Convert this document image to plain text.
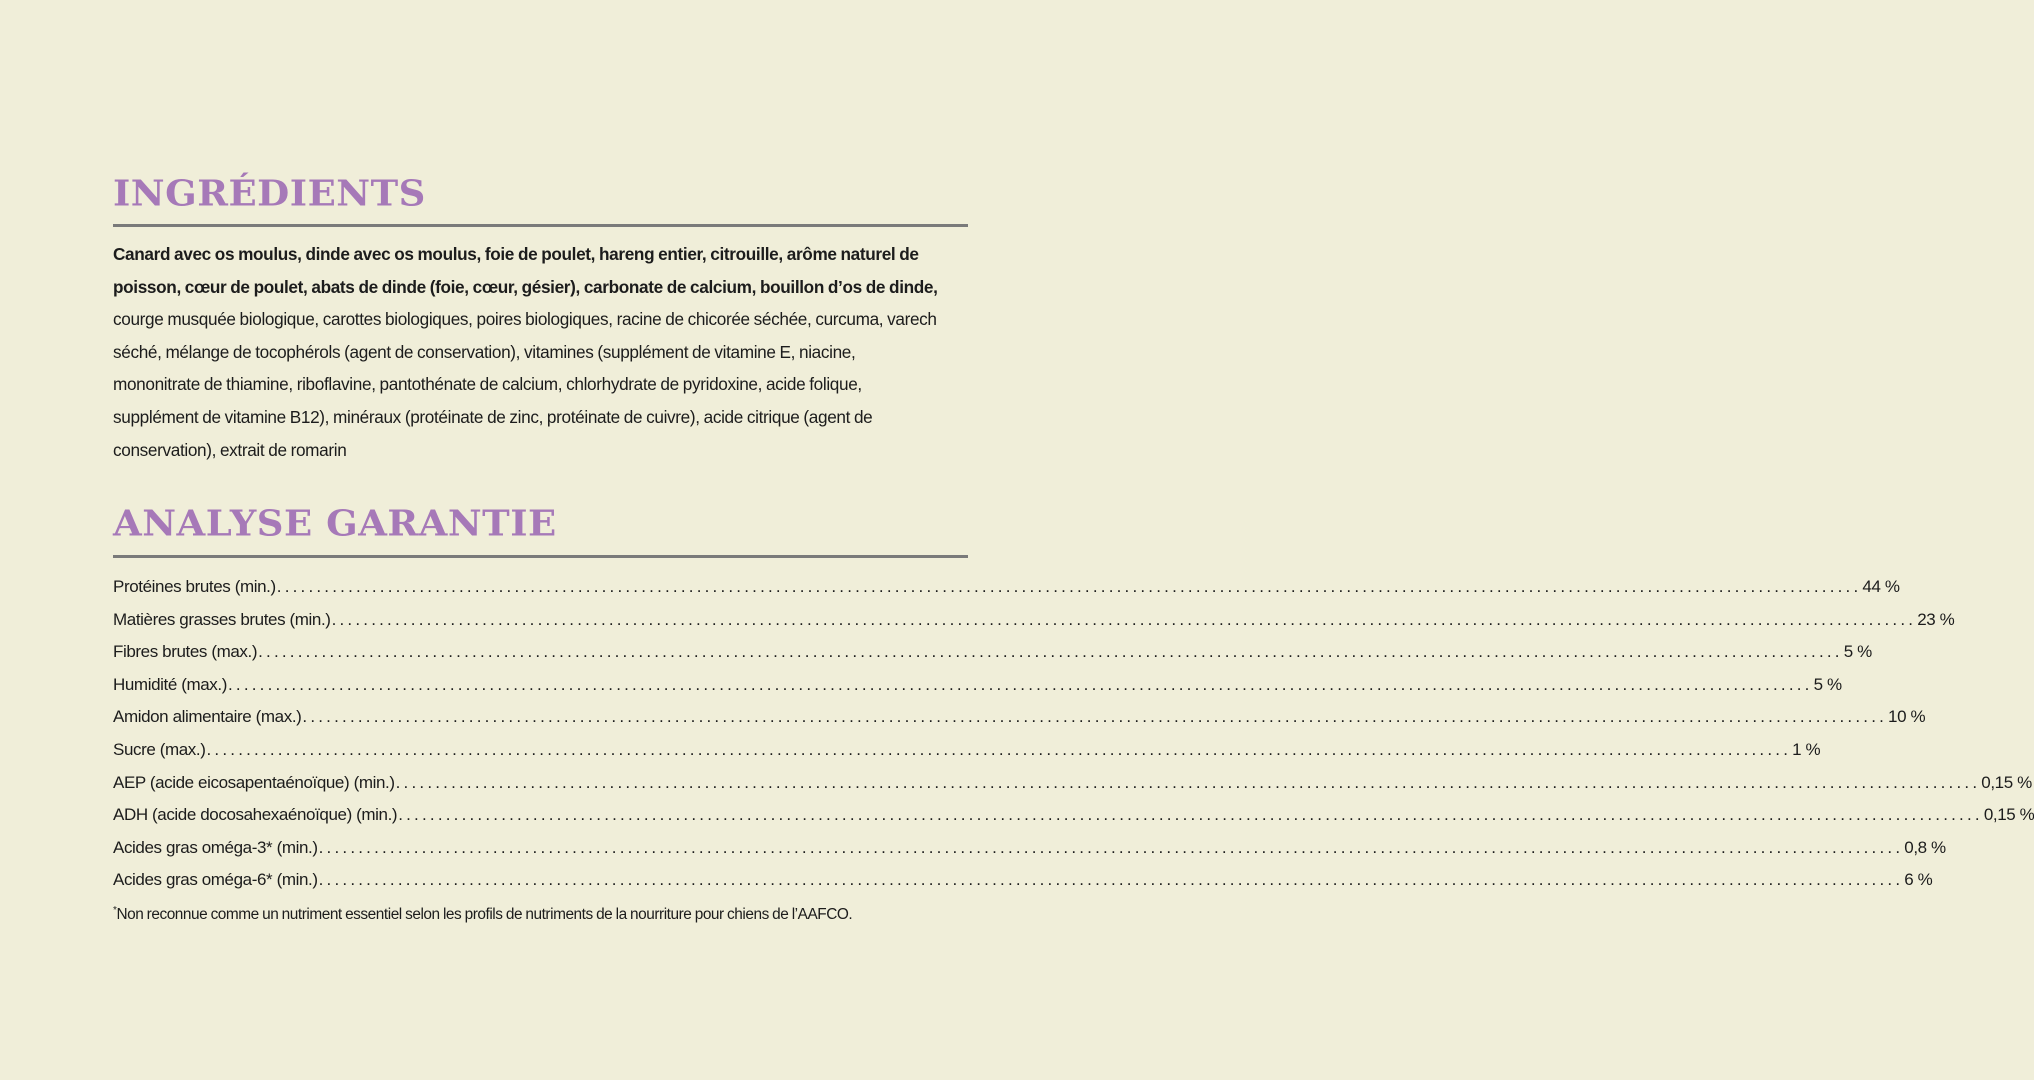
INGRÉDIENTS
Canard avec os moulus, dinde avec os moulus, foie de poulet, hareng entier, citrouille, arôme naturel de
poisson, cœur de poulet, abats de dinde (foie, cœur, gésier), carbonate de calcium, bouillon d’os de dinde,
courge musquée biologique, carottes biologiques, poires biologiques, racine de chicorée séchée, curcuma, varech
séché, mélange de tocophérols (agent de conservation), vitamines (supplément de vitamine E, niacine,
mononitrate de thiamine, riboflavine, pantothénate de calcium, chlorhydrate de pyridoxine, acide folique,
supplément de vitamine B12), minéraux (protéinate de zinc, protéinate de cuivre), acide citrique (agent de
conservation), extrait de romarin
ANALYSE GARANTIE
Protéines brutes (min.) ........................................................................................................................................................................................................ 44 %
Matières grasses brutes (min.) ........................................................................................................................................................................................................ 23 %
Fibres brutes (max.) ........................................................................................................................................................................................................ 5 %
Humidité (max.) ........................................................................................................................................................................................................ 5 %
Amidon alimentaire (max.) ........................................................................................................................................................................................................ 10 %
Sucre (max.) ........................................................................................................................................................................................................ 1 %
AEP (acide eicosapentaénoïque) (min.) ........................................................................................................................................................................................................ 0,15 %
ADH (acide docosahexaénoïque) (min.) ........................................................................................................................................................................................................ 0,15 %
Acides gras oméga-3* (min.) ........................................................................................................................................................................................................ 0,8 %
Acides gras oméga-6* (min.) ........................................................................................................................................................................................................ 6 %
*Non reconnue comme un nutriment essentiel selon les profils de nutriments de la nourriture pour chiens de l’AAFCO.
